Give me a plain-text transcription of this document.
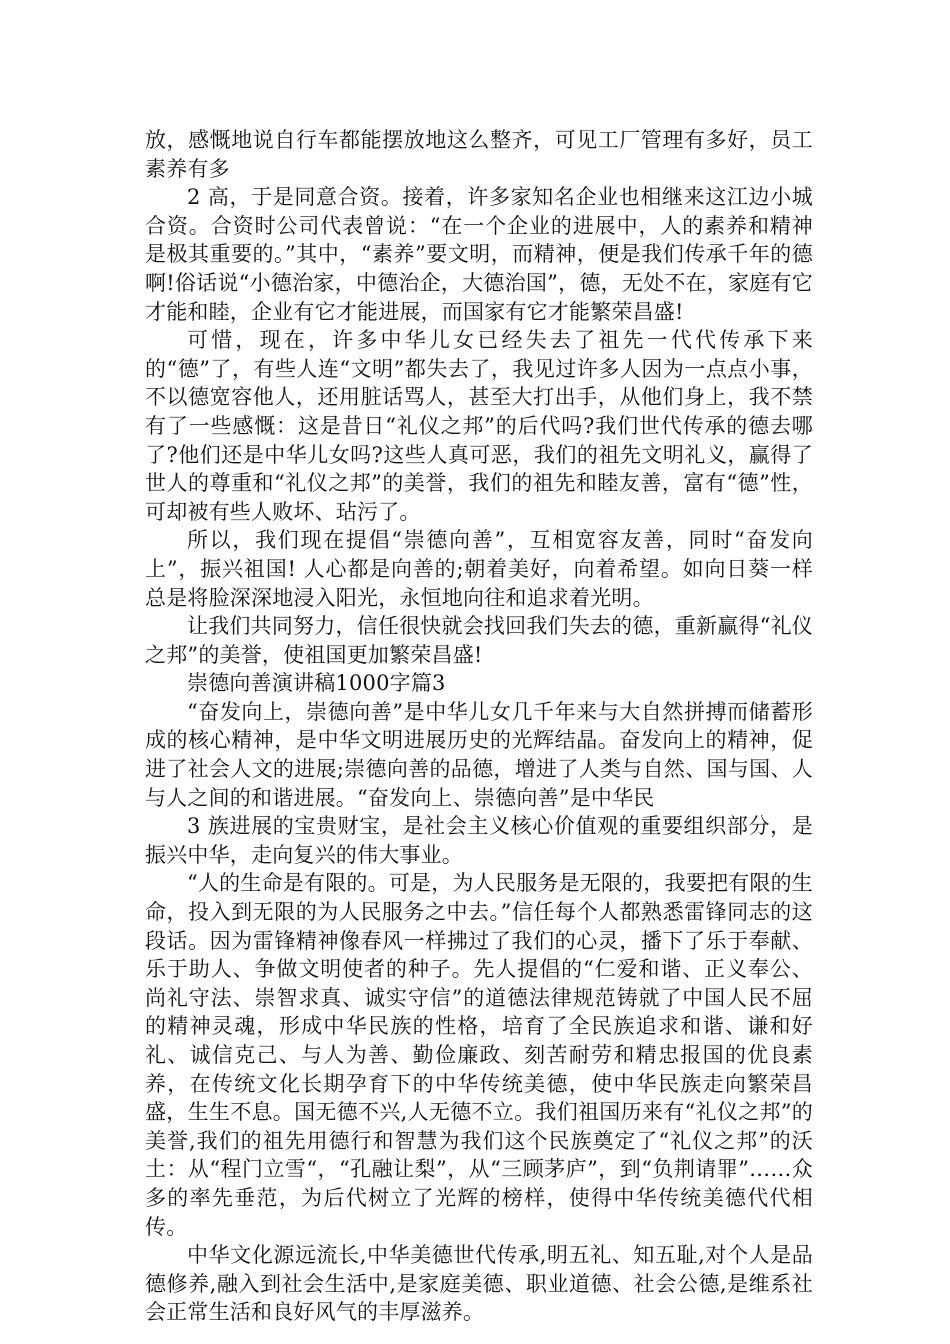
放，感慨地说自行车都能摆放地这么整齐，可见工厂管理有多好，员工素养有多

2 高，于是同意合资。接着，许多家知名企业也相继来这江边小城合资。合资时公司代表曾说：“在一个企业的进展中，人的素养和精神是极其重要的。”其中，“素养”要文明，而精神，便是我们传承千年的德啊!俗话说“小德治家，中德治企，大德治国”，德，无处不在，家庭有它才能和睦，企业有它才能进展，而国家有它才能繁荣昌盛!

可惜，现在，许多中华儿女已经失去了祖先一代代传承下来的“德”了，有些人连“文明”都失去了，我见过许多人因为一点点小事，不以德宽容他人，还用脏话骂人，甚至大打出手，从他们身上，我不禁有了一些感慨：这是昔日“礼仪之邦”的后代吗?我们世代传承的德去哪了?他们还是中华儿女吗?这些人真可恶，我们的祖先文明礼义，赢得了世人的尊重和“礼仪之邦”的美誉，我们的祖先和睦友善，富有“德”性，可却被有些人败坏、玷污了。

所以，我们现在提倡“崇德向善”，互相宽容友善，同时“奋发向上”，振兴祖国! 人心都是向善的;朝着美好，向着希望。如向日葵一样总是将脸深深地浸入阳光，永恒地向往和追求着光明。

让我们共同努力，信任很快就会找回我们失去的德，重新赢得“礼仪之邦”的美誉，使祖国更加繁荣昌盛!

崇德向善演讲稿1000字篇3

“奋发向上，崇德向善”是中华儿女几千年来与大自然拼搏而储蓄形成的核心精神，是中华文明进展历史的光辉结晶。奋发向上的精神，促进了社会人文的进展;崇德向善的品德，增进了人类与自然、国与国、人与人之间的和谐进展。“奋发向上、崇德向善”是中华民

3 族进展的宝贵财宝，是社会主义核心价值观的重要组织部分，是振兴中华，走向复兴的伟大事业。

“人的生命是有限的。可是，为人民服务是无限的，我要把有限的生命，投入到无限的为人民服务之中去。”信任每个人都熟悉雷锋同志的这段话。因为雷锋精神像春风一样拂过了我们的心灵，播下了乐于奉献、乐于助人、争做文明使者的种子。先人提倡的“仁爱和谐、正义奉公、尚礼守法、崇智求真、诚实守信”的道德法律规范铸就了中国人民不屈的精神灵魂，形成中华民族的性格，培育了全民族追求和谐、谦和好礼、诚信克己、与人为善、勤俭廉政、刻苦耐劳和精忠报国的优良素养，在传统文化长期孕育下的中华传统美德，使中华民族走向繁荣昌盛，生生不息。国无德不兴,人无德不立。我们祖国历来有“礼仪之邦”的美誉,我们的祖先用德行和智慧为我们这个民族奠定了“礼仪之邦”的沃土：从“程门立雪“，“孔融让梨”，从“三顾茅庐”，到“负荆请罪”……众多的率先垂范，为后代树立了光辉的榜样，使得中华传统美德代代相传。

中华文化源远流长,中华美德世代传承,明五礼、知五耻,对个人是品德修养,融入到社会生活中,是家庭美德、职业道德、社会公德,是维系社会正常生活和良好风气的丰厚滋养。
